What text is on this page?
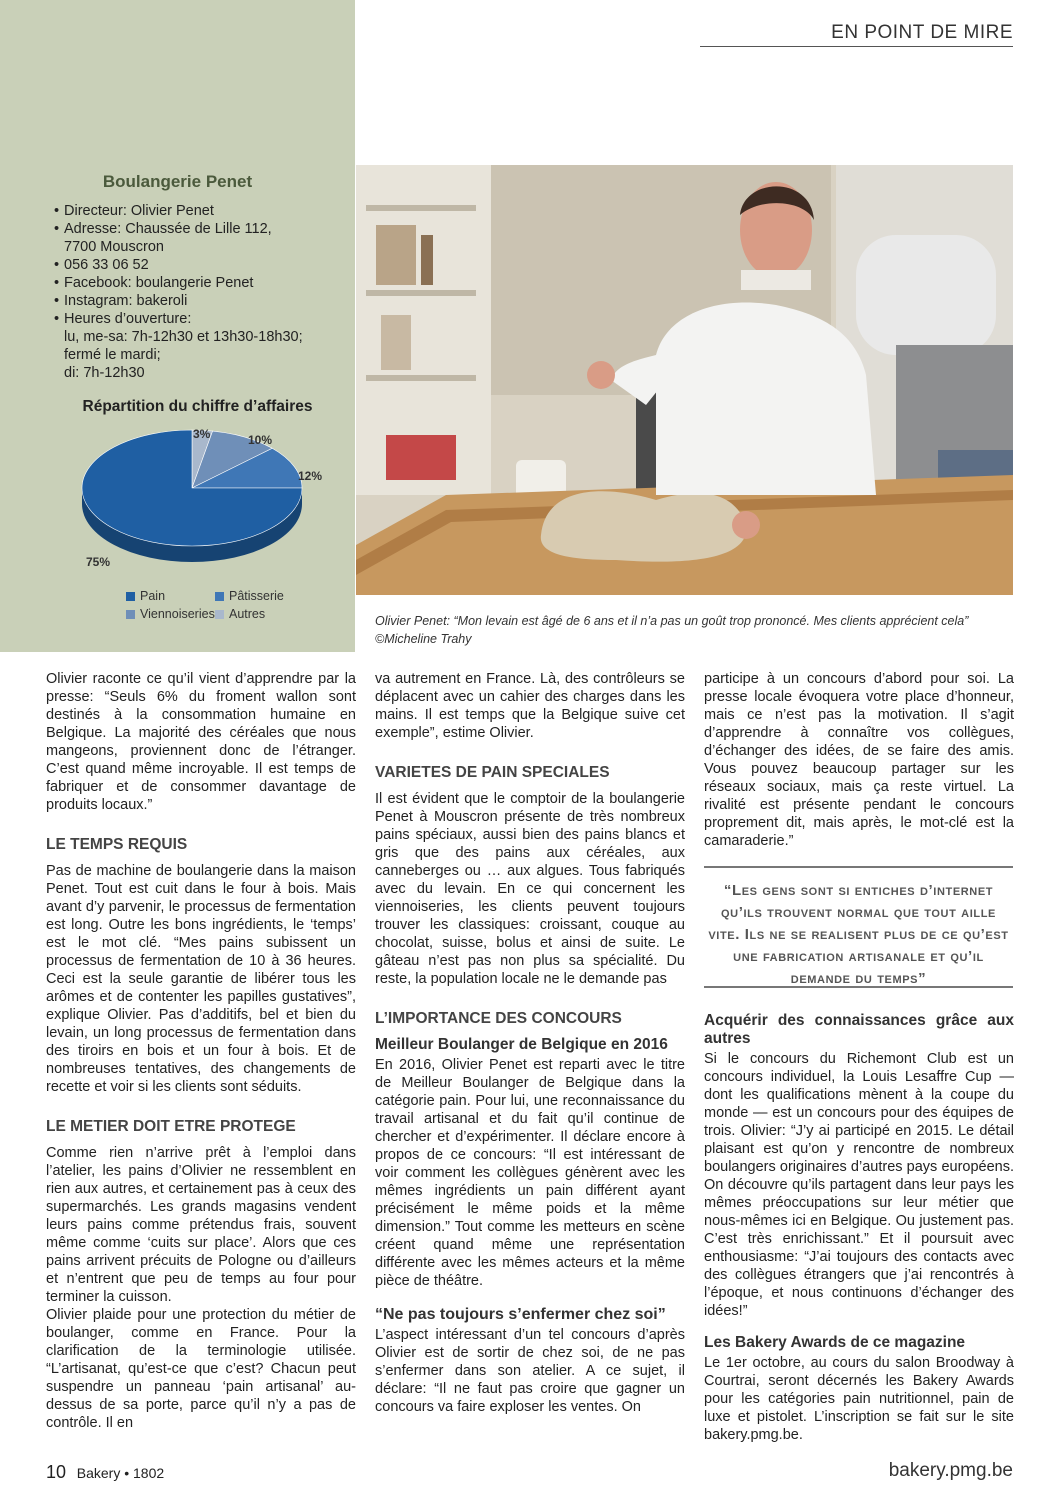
EN POINT DE MIRE
Boulangerie Penet
• Directeur: Olivier Penet
• Adresse: Chaussée de Lille 112,
7700 Mouscron
• 056 33 06 52
• Facebook: boulangerie Penet
• Instagram: bakeroli
• Heures d’ouverture:
lu, me-sa: 7h-12h30 et 13h30-18h30;
fermé le mardi;
di: 7h-12h30
Répartition du chiffre d’affaires
75%
12%
10%
3%
Pain	Pâtisserie
Viennoiseries Autres	Olivier Penet: “Mon levain est âgé de 6 ans et il n’a pas un goût trop prononcé. Mes clients apprécient cela”
©Micheline Trahy

Olivier raconte ce qu’il vient d’apprendre par la presse: “Seuls 6% du froment wallon sont destinés à la consommation humaine en Belgique. La majorité des céréales que nous mangeons, proviennent donc de l’étranger. C’est quand même incroyable. Il est temps de fabriquer et de consommer davantage de produits locaux.”

LE TEMPS REQUIS

Pas de machine de boulangerie dans la maison Penet. Tout est cuit dans le four à bois. Mais avant d’y parvenir, le processus de fermentation est long. Outre les bons ingrédients, le ‘temps’ est le mot clé. “Mes pains subissent un processus de fermentation de 10 à 36 heures. Ceci est la seule garantie de libérer tous les arômes et de contenter les papilles gustatives”, explique Olivier. Pas d’additifs, bel et bien du levain, un long processus de fermentation dans des tiroirs en bois et un four à bois. Et de nombreuses tentatives, des changements de recette et voir si les clients sont séduits.

LE METIER DOIT ETRE PROTEGE

Comme rien n’arrive prêt à l’emploi dans l’atelier, les pains d’Olivier ne ressemblent en rien aux autres, et certainement pas à ceux des supermarchés. Les grands magasins vendent leurs pains comme prétendus frais, souvent même comme ‘cuits sur place’. Alors que ces pains arrivent précuits de Pologne ou d’ailleurs et n’entrent que peu de temps au four pour terminer la cuisson.

Olivier plaide pour une protection du métier de boulanger, comme en France. Pour la clarification de la terminologie utilisée. “L’artisanat, qu’est-ce que c’est? Chacun peut suspendre un panneau ‘pain artisanal’ au-dessus de sa porte, parce qu’il n’y a pas de contrôle. Il en

va autrement en France. Là, des contrôleurs se déplacent avec un cahier des charges dans les mains. Il est temps que la Belgique suive cet exemple”, estime Olivier.

VARIETES DE PAIN SPECIALES

Il est évident que le comptoir de la boulangerie Penet à Mouscron présente de très nombreux pains spéciaux, aussi bien des pains blancs et gris que des pains aux céréales, aux canneberges ou … aux algues. Tous fabriqués avec du levain. En ce qui concernent les viennoiseries, les clients peuvent toujours trouver les classiques: croissant, couque au chocolat, suisse, bolus et ainsi de suite. Le gâteau n’est pas non plus sa spécialité. Du reste, la population locale ne le demande pas

L’IMPORTANCE DES CONCOURS
Meilleur Boulanger de Belgique en 2016

En 2016, Olivier Penet est reparti avec le titre de Meilleur Boulanger de Belgique dans la catégorie pain. Pour lui, une reconnaissance du travail artisanal et du fait qu’il continue de chercher et d’expérimenter. Il déclare encore à propos de ce concours: “Il est intéressant de voir comment les collègues génèrent avec les mêmes ingrédients un pain différent ayant précisément le même poids et la même dimension.” Tout comme les metteurs en scène créent quand même une représentation différente avec les mêmes acteurs et la même pièce de théâtre.

“Ne pas toujours s’enfermer chez soi”

L’aspect intéressant d’un tel concours d’après Olivier est de sortir de chez soi, de ne pas s’enfermer dans son atelier. A ce sujet, il déclare: “Il ne faut pas croire que gagner un concours va faire exploser les ventes. On

participe à un concours d’abord pour soi. La presse locale évoquera votre place d’honneur, mais ce n’est pas la motivation. Il s’agit d’apprendre à connaître vos collègues, d’échanger des idées, de se faire des amis. Vous pouvez beaucoup partager sur les réseaux sociaux, mais ça reste virtuel. La rivalité est présente pendant le concours proprement dit, mais après, le mot-clé est la camaraderie.”

“Les gens sont si entiches d’internet qu’ils trouvent normal que tout aille vite. Ils ne se realisent plus de ce qu’est une fabrication artisanale et qu’il demande du temps”
Acquérir des connaissances grâce aux autres

Si le concours du Richemont Club est un concours individuel, la Louis Lesaffre Cup — dont les qualifications mènent à la coupe du monde — est un concours pour des équipes de trois. Olivier: “J’y ai participé en 2015. Le détail plaisant est qu’on y rencontre de nombreux boulangers originaires d’autres pays européens. On découvre qu’ils partagent dans leur pays les mêmes préoccupations sur leur métier que nous-mêmes ici en Belgique. Ou justement pas. C’est très enrichissant.” Et il poursuit avec enthousiasme: “J’ai toujours des contacts avec des collègues étrangers que j’ai rencontrés à l’époque, et nous continuons d’échanger des idées!”

Les Bakery Awards de ce magazine

Le 1er octobre, au cours du salon Broodway à Courtrai, seront décernés les Bakery Awards pour les catégories pain nutritionnel, pain de luxe et pistolet. L’inscription se fait sur le site bakery.pmg.be.

10 Bakery • 1802	bakery.pmg.be
